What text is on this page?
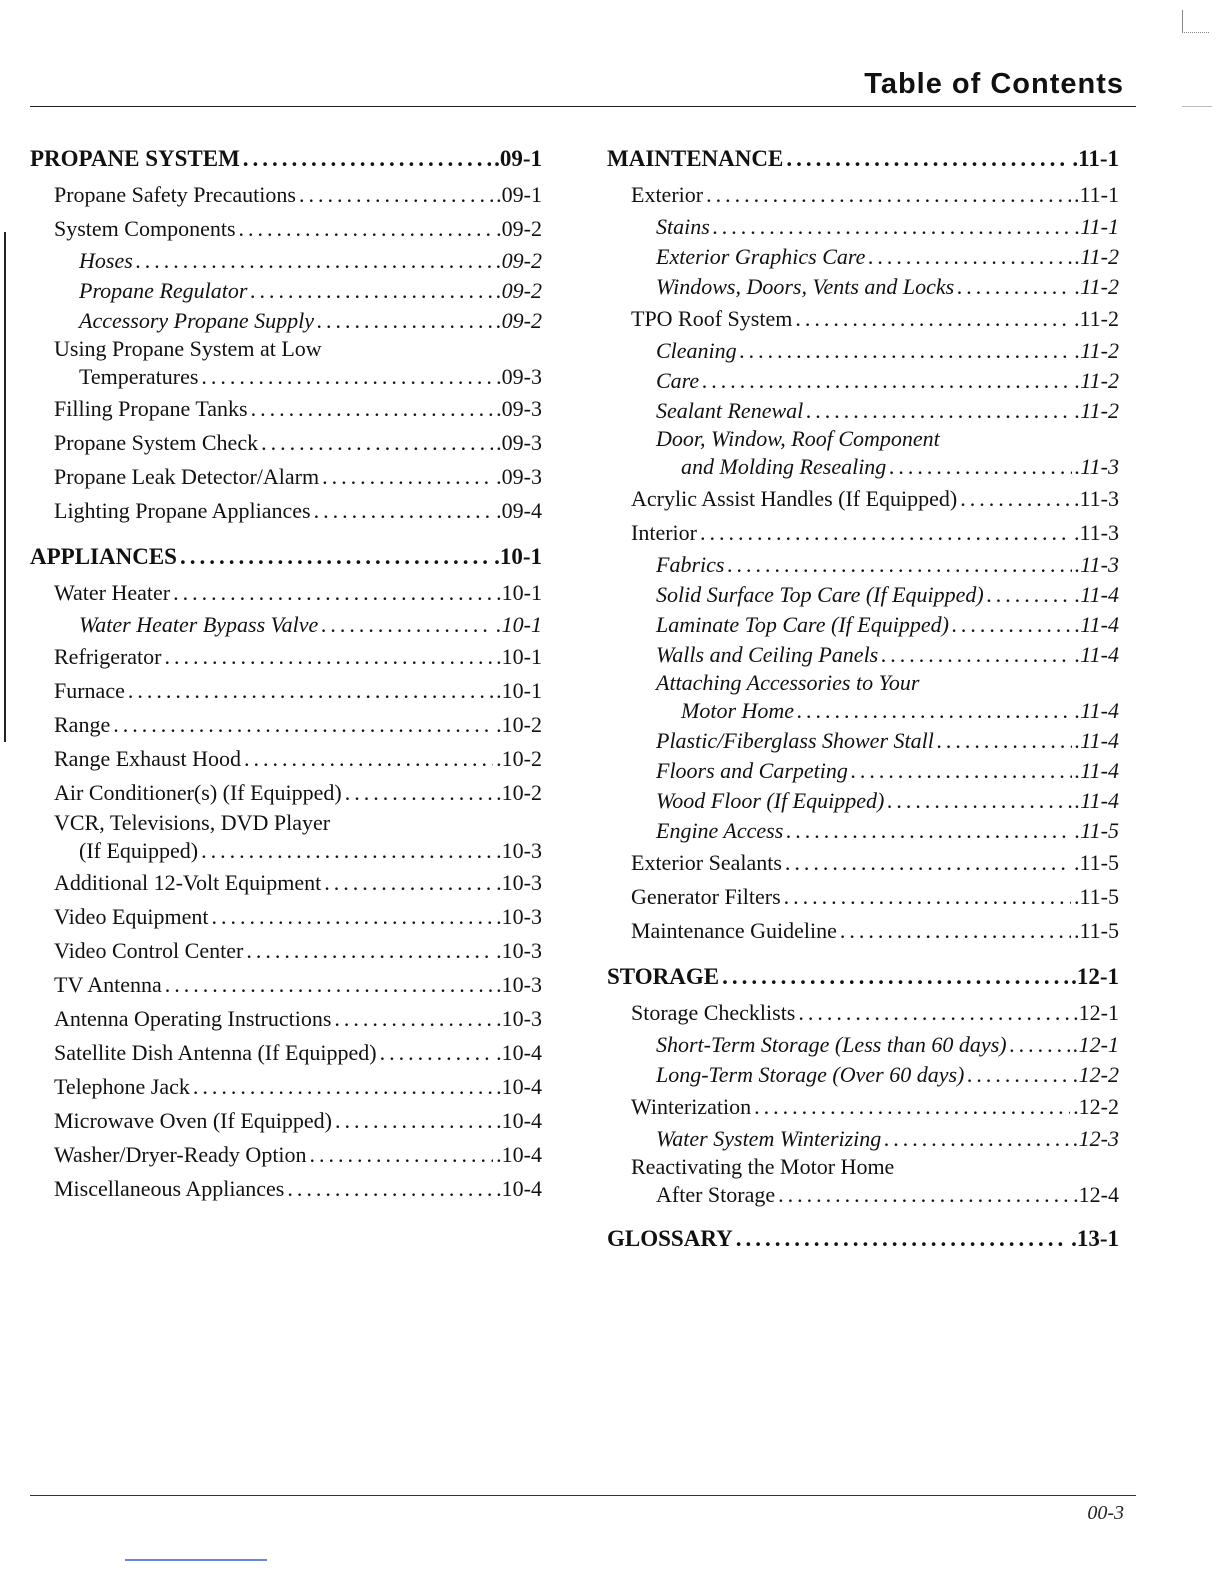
Table of Contents
PROPANE SYSTEM .....	.09-1
Propane Safety Precautions .....	.09-1
System Components .....	.09-2
Hoses .....	.09-2
Propane Regulator .....	.09-2
Accessory Propane Supply .....	.09-2
Using Propane System at Low
Temperatures .....	.09-3
Filling Propane Tanks .....	.09-3
Propane System Check .....	.09-3
Propane Leak Detector/Alarm .....	.09-3
Lighting Propane Appliances .....	.09-4
APPLIANCES .....	.10-1
Water Heater .....	.10-1
Water Heater Bypass Valve .....	.10-1
Refrigerator .....	.10-1
Furnace .....	.10-1
Range .....	.10-2
Range Exhaust Hood .....	.10-2
Air Conditioner(s) (If Equipped) .....	.10-2
VCR, Televisions, DVD Player
(If Equipped) .....	.10-3
Additional 12-Volt Equipment .....	.10-3
Video Equipment .....	.10-3
Video Control Center .....	.10-3
TV Antenna .....	.10-3
Antenna Operating Instructions .....	.10-3
Satellite Dish Antenna (If Equipped) .....	.10-4
Telephone Jack .....	.10-4
Microwave Oven (If Equipped) .....	.10-4
Washer/Dryer-Ready Option .....	.10-4
Miscellaneous Appliances .....	.10-4
MAINTENANCE .....	.11-1
Exterior .....	.11-1
Stains .....	.11-1
Exterior Graphics Care .....	.11-2
Windows, Doors, Vents and Locks .....	.11-2
TPO Roof System .....	.11-2
Cleaning .....	.11-2
Care .....	.11-2
Sealant Renewal .....	.11-2
Door, Window, Roof Component
and Molding Resealing .....	.11-3
Acrylic Assist Handles (If Equipped) .....	.11-3
Interior .....	.11-3
Fabrics .....	.11-3
Solid Surface Top Care (If Equipped) .....	.11-4
Laminate Top Care (If Equipped) .....	.11-4
Walls and Ceiling Panels .....	.11-4
Attaching Accessories to Your
Motor Home .....	.11-4
Plastic/Fiberglass Shower Stall .....	.11-4
Floors and Carpeting .....	.11-4
Wood Floor (If Equipped) .....	.11-4
Engine Access .....	.11-5
Exterior Sealants .....	.11-5
Generator Filters .....	.11-5
Maintenance Guideline .....	.11-5
STORAGE .....	.12-1
Storage Checklists .....	.12-1
Short-Term Storage (Less than 60 days) .....	.12-1
Long-Term Storage (Over 60 days) .....	.12-2
Winterization .....	.12-2
Water System Winterizing .....	.12-3
Reactivating the Motor Home
After Storage .....	.12-4
GLOSSARY .....	.13-1
00-3
